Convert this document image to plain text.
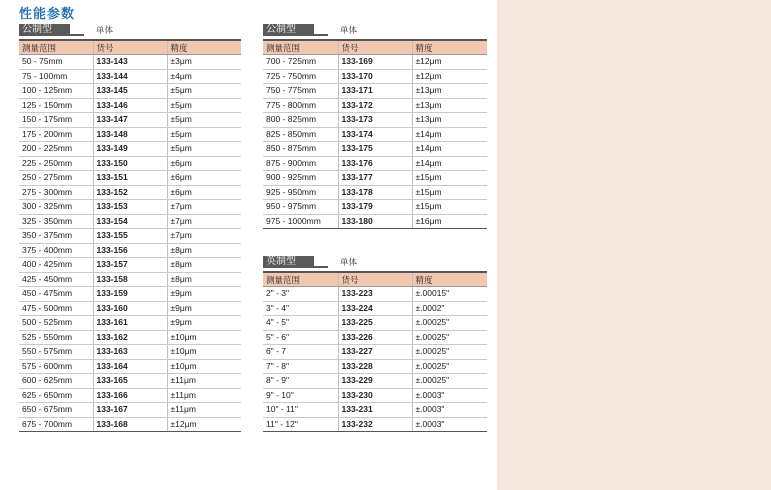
性能参数
公制型	单体
测量范围	货号	精度
50 - 75mm	133-143	±3μm
75 - 100mm	133-144	±4μm
100 - 125mm	133-145	±5μm
125 - 150mm	133-146	±5μm
150 - 175mm	133-147	±5μm
175 - 200mm	133-148	±5μm
200 - 225mm	133-149	±5μm
225 - 250mm	133-150	±6μm
250 - 275mm	133-151	±6μm
275 - 300mm	133-152	±6μm
300 - 325mm	133-153	±7μm
325 - 350mm	133-154	±7μm
350 - 375mm	133-155	±7μm
375 - 400mm	133-156	±8μm
400 - 425mm	133-157	±8μm
425 - 450mm	133-158	±8μm
450 - 475mm	133-159	±9μm
475 - 500mm	133-160	±9μm
500 - 525mm	133-161	±9μm
525 - 550mm	133-162	±10μm
550 - 575mm	133-163	±10μm
575 - 600mm	133-164	±10μm
600 - 625mm	133-165	±11μm
625 - 650mm	133-166	±11μm
650 - 675mm	133-167	±11μm
675 - 700mm	133-168	±12μm
公制型	单体
测量范围	货号	精度
700 - 725mm	133-169	±12μm
725 - 750mm	133-170	±12μm
750 - 775mm	133-171	±13μm
775 - 800mm	133-172	±13μm
800 - 825mm	133-173	±13μm
825 - 850mm	133-174	±14μm
850 - 875mm	133-175	±14μm
875 - 900mm	133-176	±14μm
900 - 925mm	133-177	±15μm
925 - 950mm	133-178	±15μm
950 - 975mm	133-179	±15μm
975 - 1000mm	133-180	±16μm
英制型	单体
测量范围	货号	精度
2" - 3"	133-223	±.00015"
3" - 4"	133-224	±.0002"
4" - 5"	133-225	±.00025"
5" - 6"	133-226	±.00025"
6" - 7	133-227	±.00025"
7" - 8"	133-228	±.00025"
8" - 9"	133-229	±.00025"
9" - 10"	133-230	±.0003"
10" - 11"	133-231	±.0003"
11" - 12"	133-232	±.0003"
